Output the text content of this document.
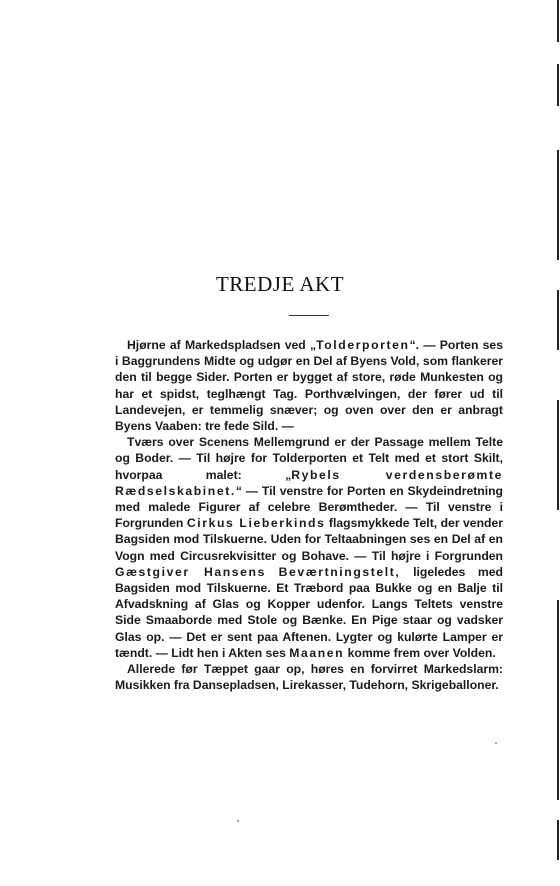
TREDJE AKT

Hjørne af Markedspladsen ved „Tolderporten“. — Porten ses i Baggrundens Midte og udgør en Del af Byens Vold, som flankerer den til begge Sider. Porten er bygget af store, røde Munkesten og har et spidst, teglhængt Tag. Porthvælvingen, der fører ud til Landevejen, er temmelig snæver; og oven over den er anbragt Byens Vaaben: tre fede Sild. —

Tværs over Scenens Mellemgrund er der Passage mellem Telte og Boder. — Til højre for Tolderporten et Telt med et stort Skilt, hvorpaa malet: „Rybels verdensberømte Rædselskabinet.“ — Til venstre for Porten en Skydeindretning med malede Figurer af celebre Berømtheder. — Til venstre i Forgrunden Cirkus Lieberkinds flagsmykkede Telt, der vender Bagsiden mod Tilskuerne. Uden for Teltaabningen ses en Del af en Vogn med Circusrekvisitter og Bohave. — Til højre i Forgrunden Gæstgiver Hansens Beværtningstelt, ligeledes med Bagsiden mod Tilskuerne. Et Træbord paa Bukke og en Balje til Afvadskning af Glas og Kopper udenfor. Langs Teltets venstre Side Smaaborde med Stole og Bænke. En Pige staar og vadsker Glas op. — Det er sent paa Aftenen. Lygter og kulørte Lamper er tændt. — Lidt hen i Akten ses Maanen komme frem over Volden.

Allerede før Tæppet gaar op, høres en forvirret Markedslarm: Musikken fra Dansepladsen, Lirekasser, Tudehorn, Skrigeballoner.
